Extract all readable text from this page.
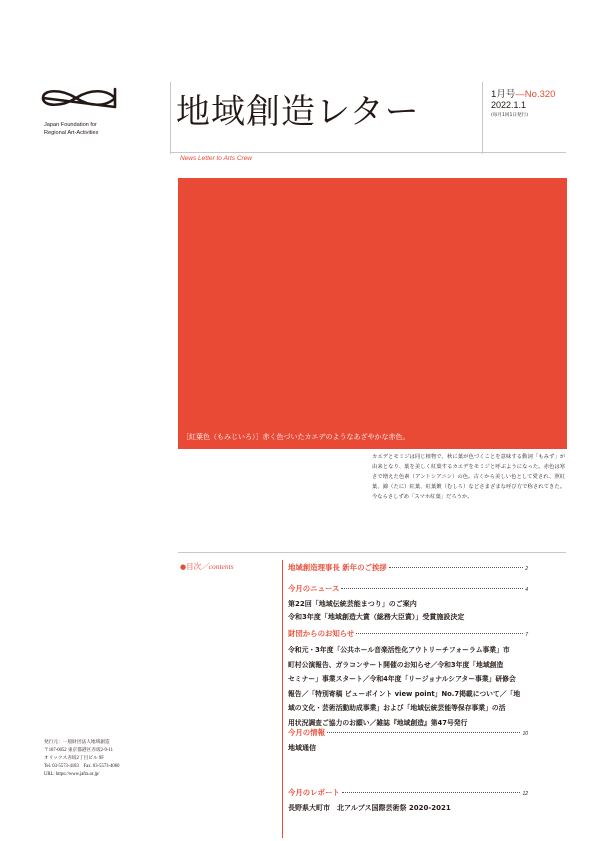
Japan Foundation for
Regional Art-Activities
地域創造レター	1月号—No.320
2022.1.1
(毎月1回1日発行)
News Letter to Arts Crew
［紅葉色（もみじいろ）］赤く色づいたカエデのようなあざやかな赤色。
カエデとモミジは同じ植物で、秋に葉が色づくことを意味する動詞「もみず」が由来となり、葉を美しく紅葉するカエデをモミジと呼ぶようになった。赤色は寒さで増えた色素（アントシアニン）の色。古くから美しい色として愛され、照紅葉、錦（たに）紅葉、紅葉鍍（むしろ）などさまざまな呼び方で称されてきた。今ならさしずめ「スマホ紅葉」だろうか。
●目次／contents	地域創造理事長 新年のご挨拶	2
今月のニュース	4
第22回「地域伝統芸能まつり」のご案内
令和3年度「地域創造大賞（総務大臣賞）」受賞施設決定
財団からのお知らせ	7
令和元・3年度「公共ホール音楽活性化アウトリーチフォーラム事業」市
町村公演報告、ガラコンサート開催のお知らせ／令和3年度「地域創造
セミナー」事業スタート／令和4年度「リージョナルシアター事業」研修会
報告／「特別寄稿 ビューポイント view point」No.7掲載について／「地
域の文化・芸術活動助成事業」および「地域伝統芸能等保存事業」の活
用状況調査ご協力のお願い／雑誌『地域創造』第47号発行
今月の情報	10
地域通信
今月のレポート	12
長野県大町市　北アルプス国際芸術祭 2020-2021
発行元：一般財団法人地域創造
〒107-0052 東京都港区赤坂2-9-11
オリックス赤坂2丁目ビル 9F
Tel. 03-5573-4183　Fax. 03-5573-4060
URL: https://www.jafra.or.jp/
